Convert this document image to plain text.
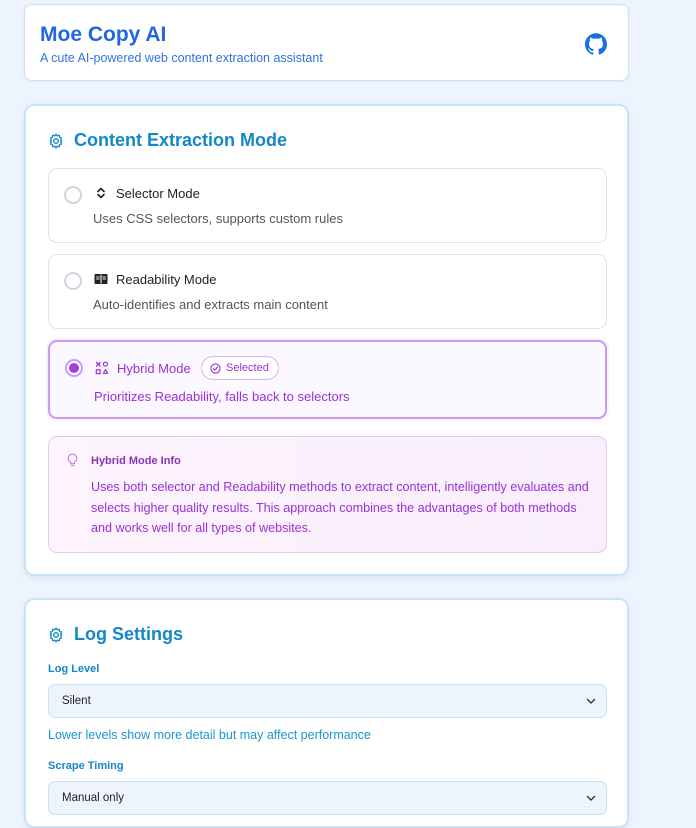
Moe Copy AI
A cute AI-powered web content extraction assistant
Content Extraction Mode
Selector Mode
Uses CSS selectors, supports custom rules
Readability Mode
Auto-identifies and extracts main content
Hybrid Mode	Selected
Prioritizes Readability, falls back to selectors
Hybrid Mode Info
Uses both selector and Readability methods to extract content, intelligently evaluates and selects higher quality results. This approach combines the advantages of both methods and works well for all types of websites.
Log Settings
Log Level
Silent
Lower levels show more detail but may affect performance
Scrape Timing
Manual only
